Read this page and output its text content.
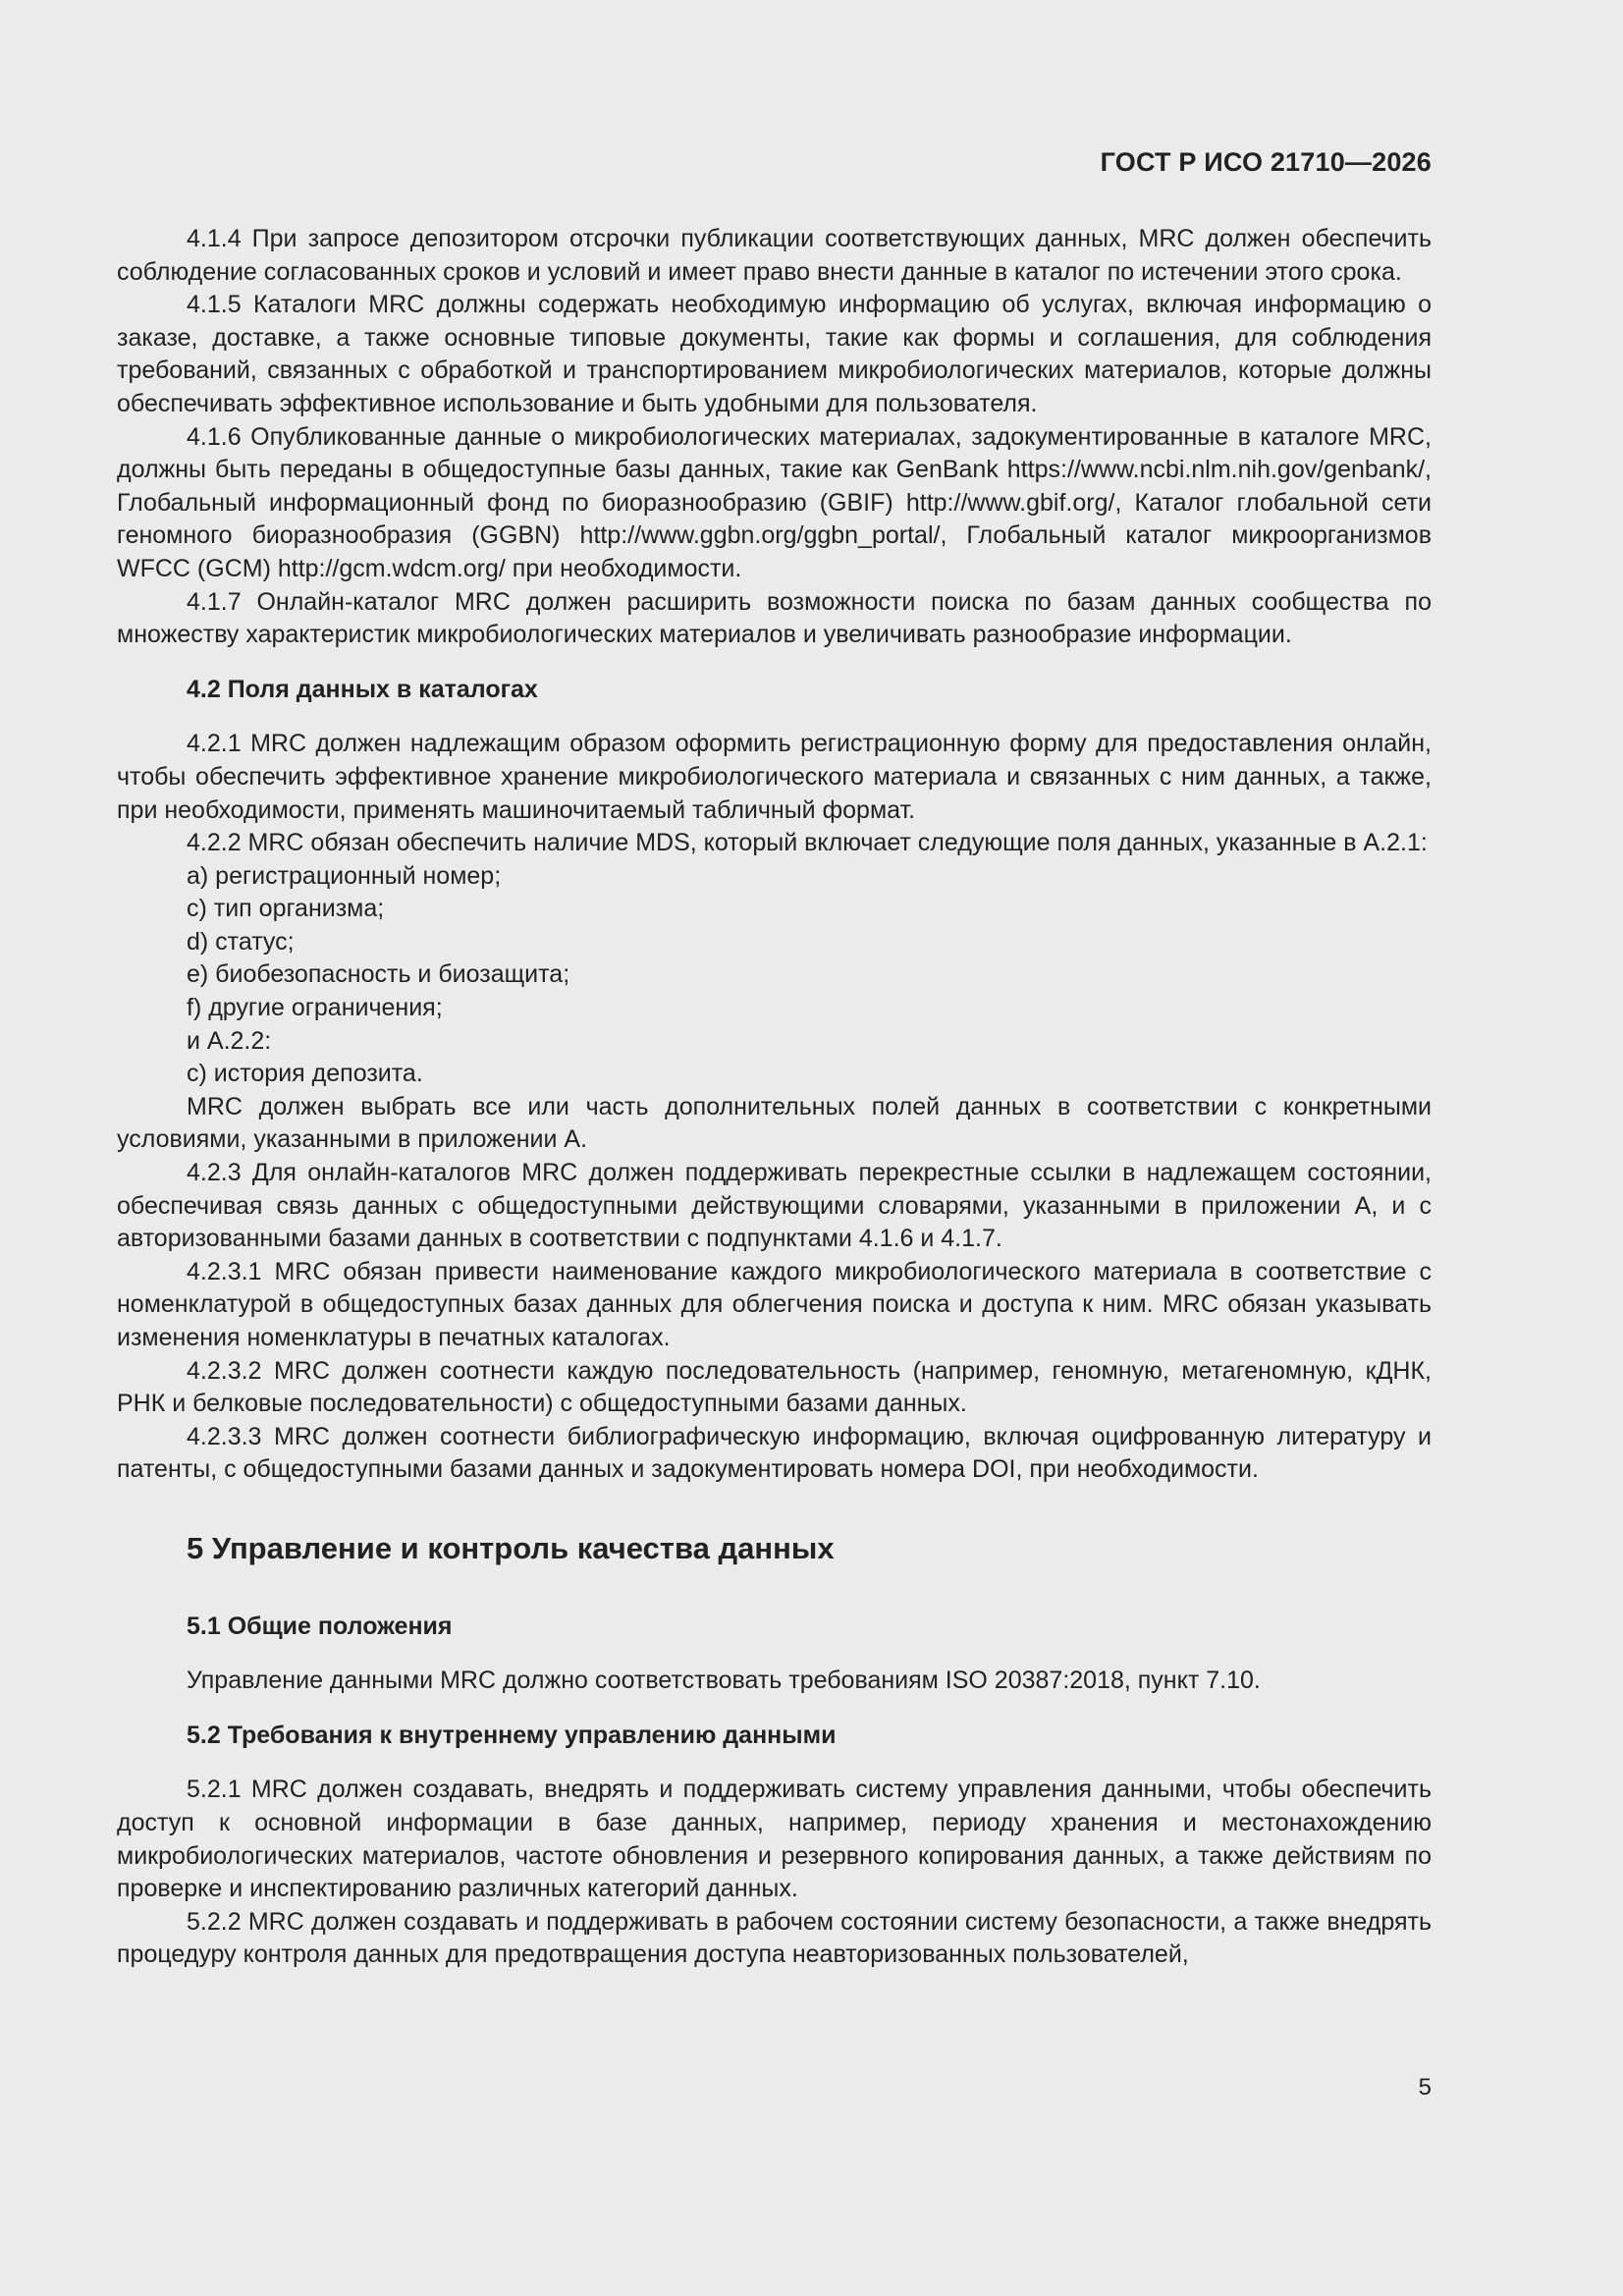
ГОСТ Р ИСО 21710—2026

4.1.4 При запросе депозитором отсрочки публикации соответствующих данных, MRC должен обеспечить соблюдение согласованных сроков и условий и имеет право внести данные в каталог по истечении этого срока.

4.1.5 Каталоги MRC должны содержать необходимую информацию об услугах, включая информацию о заказе, доставке, а также основные типовые документы, такие как формы и соглашения, для соблюдения требований, связанных с обработкой и транспортированием микробиологических материалов, которые должны обеспечивать эффективное использование и быть удобными для пользователя.

4.1.6 Опубликованные данные о микробиологических материалах, задокументированные в каталоге MRC, должны быть переданы в общедоступные базы данных, такие как GenBank https://www.ncbi.nlm.nih.gov/genbank/, Глобальный информационный фонд по биоразнообразию (GBIF) http://www.gbif.org/, Каталог глобальной сети геномного биоразнообразия (GGBN) http://www.ggbn.org/ggbn_portal/, Глобальный каталог микроорганизмов WFCC (GCM) http://gcm.wdcm.org/ при необходимости.

4.1.7 Онлайн-каталог MRC должен расширить возможности поиска по базам данных сообщества по множеству характеристик микробиологических материалов и увеличивать разнообразие информации.

4.2 Поля данных в каталогах

4.2.1 MRC должен надлежащим образом оформить регистрационную форму для предоставления онлайн, чтобы обеспечить эффективное хранение микробиологического материала и связанных с ним данных, а также, при необходимости, применять машиночитаемый табличный формат.

4.2.2 MRC обязан обеспечить наличие MDS, который включает следующие поля данных, указанные в А.2.1:

a) регистрационный номер;

c) тип организма;

d) статус;

e) биобезопасность и биозащита;

f) другие ограничения;

и А.2.2:

c) история депозита.

MRC должен выбрать все или часть дополнительных полей данных в соответствии с конкретными условиями, указанными в приложении А.

4.2.3 Для онлайн-каталогов MRC должен поддерживать перекрестные ссылки в надлежащем состоянии, обеспечивая связь данных с общедоступными действующими словарями, указанными в приложении А, и с авторизованными базами данных в соответствии с подпунктами 4.1.6 и 4.1.7.

4.2.3.1 MRC обязан привести наименование каждого микробиологического материала в соответствие с номенклатурой в общедоступных базах данных для облегчения поиска и доступа к ним. MRC обязан указывать изменения номенклатуры в печатных каталогах.

4.2.3.2 MRC должен соотнести каждую последовательность (например, геномную, метагеномную, кДНК, РНК и белковые последовательности) с общедоступными базами данных.

4.2.3.3 MRC должен соотнести библиографическую информацию, включая оцифрованную литературу и патенты, с общедоступными базами данных и задокументировать номера DOI, при необходимости.

5 Управление и контроль качества данных
5.1 Общие положения

Управление данными MRC должно соответствовать требованиям ISO 20387:2018, пункт 7.10.

5.2 Требования к внутреннему управлению данными

5.2.1 MRC должен создавать, внедрять и поддерживать систему управления данными, чтобы обеспечить доступ к основной информации в базе данных, например, периоду хранения и местонахождению микробиологических материалов, частоте обновления и резервного копирования данных, а также действиям по проверке и инспектированию различных категорий данных.

5.2.2 MRC должен создавать и поддерживать в рабочем состоянии систему безопасности, а также внедрять процедуру контроля данных для предотвращения доступа неавторизованных пользователей,

5
